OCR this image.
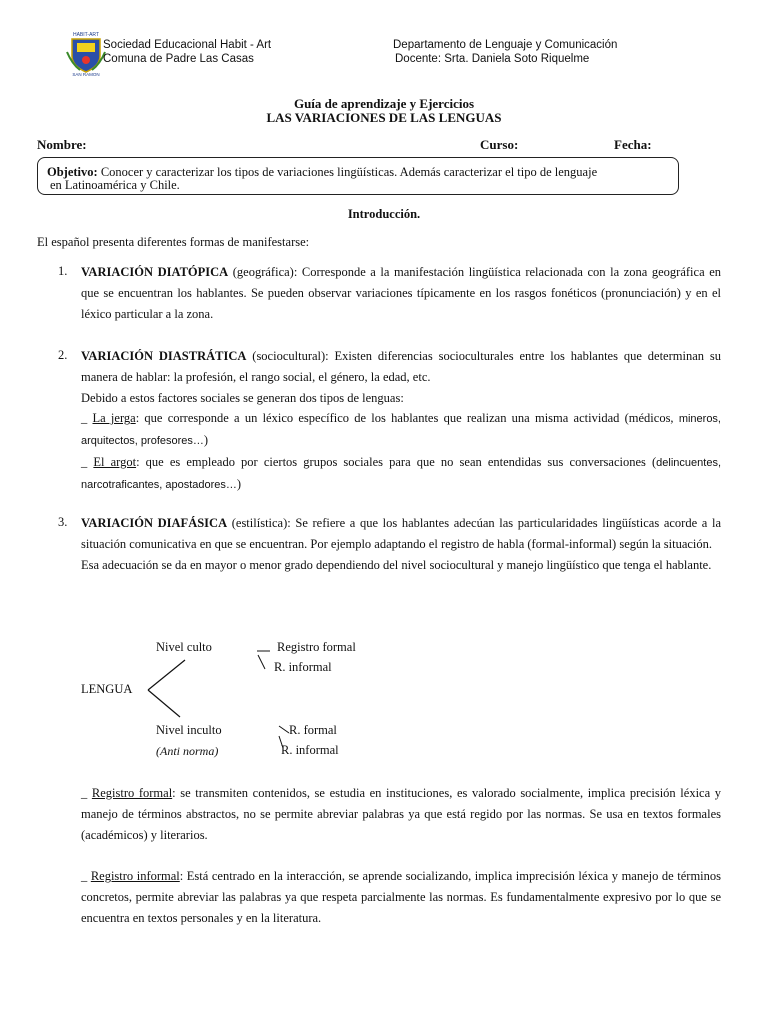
HABIT-ART
SAN RAMON
Sociedad Educacional Habit - Art
Comuna de Padre Las Casas
Departamento de Lenguaje y Comunicación
Docente: Srta. Daniela Soto Riquelme
Guía de aprendizaje y Ejercicios
LAS VARIACIONES DE LAS LENGUAS
Nombre:	Curso:	Fecha:
Objetivo: Conocer y caracterizar los tipos de variaciones lingüísticas. Además caracterizar el tipo de lenguaje
en Latinoamérica y Chile.
Introducción.
El español presenta diferentes formas de manifestarse:
1. VARIACIÓN DIATÓPICA (geográfica): Corresponde a la manifestación lingüística relacionada con la zona geográfica en que se encuentran los hablantes. Se pueden observar variaciones típicamente en los rasgos fonéticos (pronunciación) y en el léxico particular a la zona.
2. VARIACIÓN DIASTRÁTICA (sociocultural): Existen diferencias socioculturales entre los hablantes que determinan su manera de hablar: la profesión, el rango social, el género, la edad, etc.
Debido a estos factores sociales se generan dos tipos de lenguas:
_ La jerga: que corresponde a un léxico específico de los hablantes que realizan una misma actividad (médicos, mineros, arquitectos, profesores…)
_ El argot: que es empleado por ciertos grupos sociales para que no sean entendidas sus conversaciones (delincuentes, narcotraficantes, apostadores…)
3. VARIACIÓN DIAFÁSICA (estilística): Se refiere a que los hablantes adecúan las particularidades lingüísticas acorde a la situación comunicativa en que se encuentran. Por ejemplo adaptando el registro de habla (formal-informal) según la situación.
Esa adecuación se da en mayor o menor grado dependiendo del nivel sociocultural y manejo lingüístico que tenga el hablante.
Nivel culto	Registro formal
R. informal
LENGUA
Nivel inculto	R. formal
(Anti norma)	R. informal
_ Registro formal: se transmiten contenidos, se estudia en instituciones, es valorado socialmente, implica precisión léxica y manejo de términos abstractos, no se permite abreviar palabras ya que está regido por las normas. Se usa en textos formales (académicos) y literarios.
_ Registro informal: Está centrado en la interacción, se aprende socializando, implica imprecisión léxica y manejo de términos concretos, permite abreviar las palabras ya que respeta parcialmente las normas. Es fundamentalmente expresivo por lo que se encuentra en textos personales y en la literatura.
